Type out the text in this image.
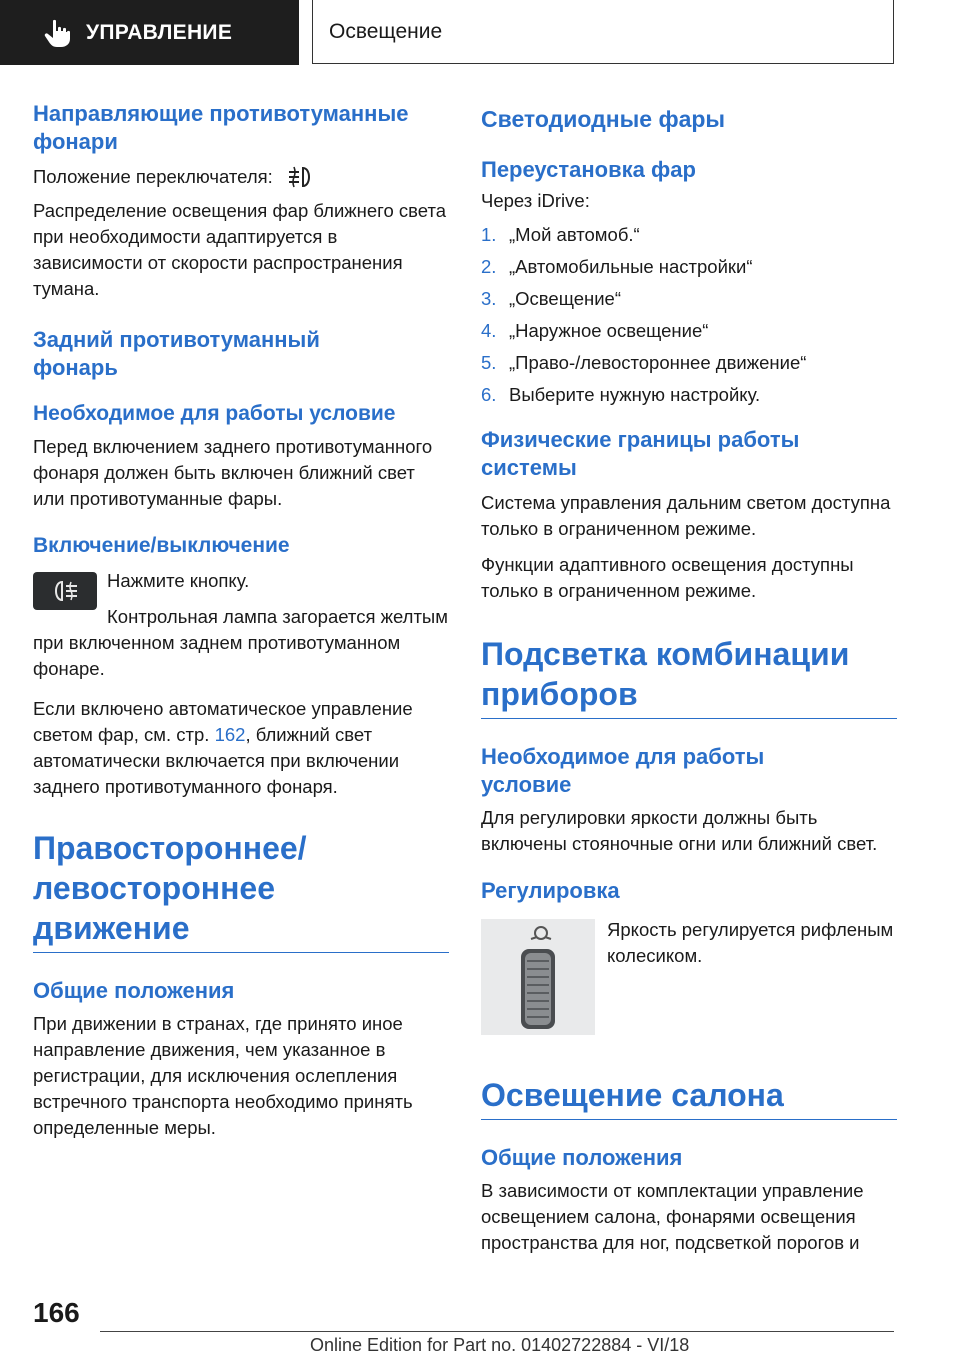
УПРАВЛЕНИЕ	Освещение
Направляющие противотуманные фонари

Положение переключателя:

Распределение освещения фар ближнего света при необходимости адаптируется в зависимости от скорости распространения тумана.

Задний противотуманный фонарь
Необходимое для работы условие

Перед включением заднего противотуманного фонаря должен быть включен ближний свет или противотуманные фары.

Включение/выключение

Нажмите кнопку.

Контрольная лампа загорается желтым при включенном заднем противотуманном фонаре.

Если включено автоматическое управление светом фар, см. стр. 162, ближний свет автоматически включается при включении заднего противотуманного фонаря.

Правостороннее/ левостороннее движение
Общие положения

При движении в странах, где принято иное направление движения, чем указанное в регистрации, для исключения ослепления встречного транспорта необходимо принять определенные меры.

Светодиодные фары
Переустановка фар

Через iDrive:

1. „Мой автомоб.“
2. „Автомобильные настройки“
3. „Освещение“
4. „Наружное освещение“
5. „Право-/левостороннее движение“
6. Выберите нужную настройку.
Физические границы работы системы

Система управления дальним светом доступна только в ограниченном режиме.

Функции адаптивного освещения доступны только в ограниченном режиме.

Подсветка комбинации приборов
Необходимое для работы условие

Для регулировки яркости должны быть включены стояночные огни или ближний свет.

Регулировка

Яркость регулируется рифленым колесиком.

Освещение салона
Общие положения

В зависимости от комплектации управление освещением салона, фонарями освещения пространства для ног, подсветкой порогов и

166
Online Edition for Part no. 01402722884 - VI/18
